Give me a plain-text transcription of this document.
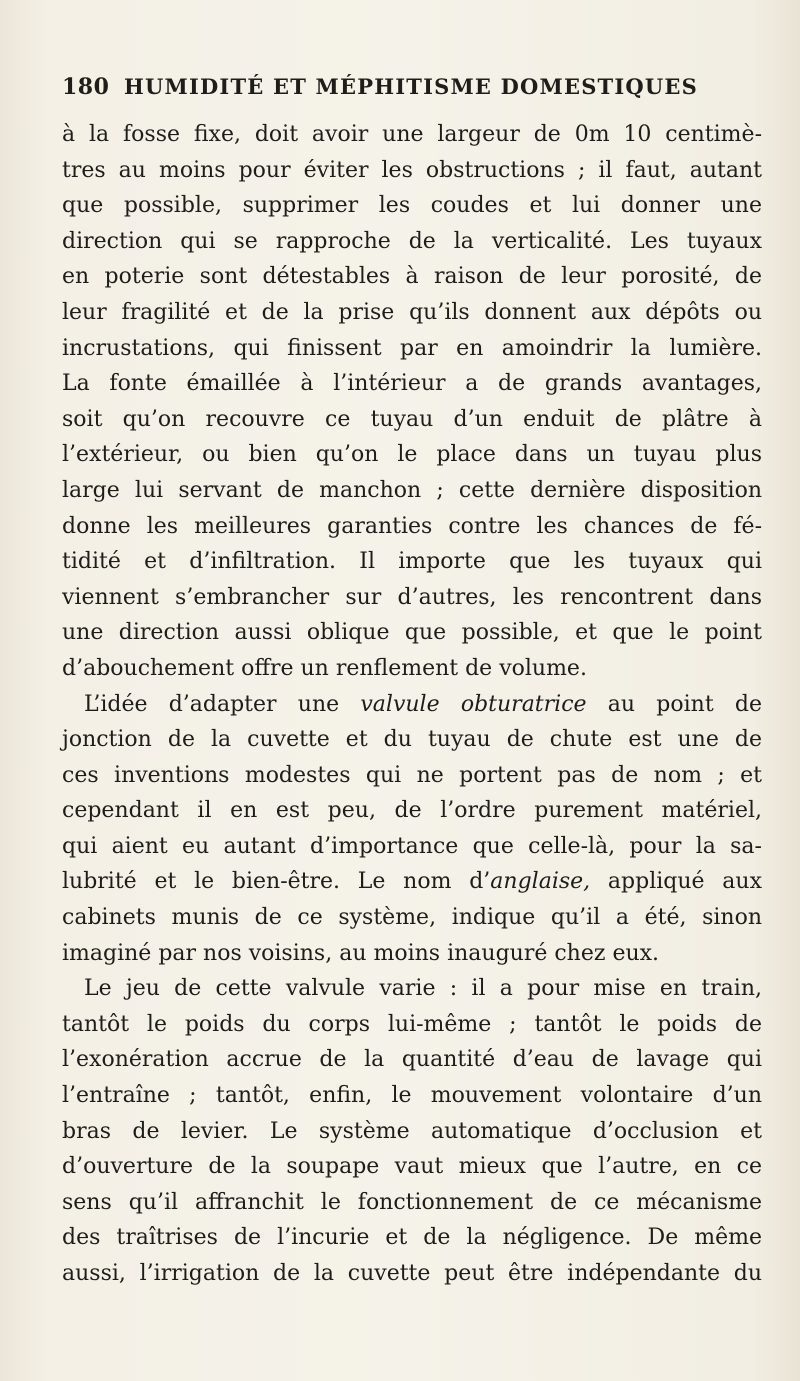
180 HUMIDITÉ ET MÉPHITISME DOMESTIQUES
à la fosse fixe, doit avoir une largeur de 0m 10 centimè-
tres au moins pour éviter les obstructions ; il faut, autant
que possible, supprimer les coudes et lui donner une
direction qui se rapproche de la verticalité. Les tuyaux
en poterie sont détestables à raison de leur porosité, de
leur fragilité et de la prise qu’ils donnent aux dépôts ou
incrustations, qui finissent par en amoindrir la lumière.
La fonte émaillée à l’intérieur a de grands avantages,
soit qu’on recouvre ce tuyau d’un enduit de plâtre à
l’extérieur, ou bien qu’on le place dans un tuyau plus
large lui servant de manchon ; cette dernière disposition
donne les meilleures garanties contre les chances de fé-
tidité et d’infiltration. Il importe que les tuyaux qui
viennent s’embrancher sur d’autres, les rencontrent dans
une direction aussi oblique que possible, et que le point
d’abouchement offre un renflement de volume.
L’idée d’adapter une valvule obturatrice au point de
jonction de la cuvette et du tuyau de chute est une de
ces inventions modestes qui ne portent pas de nom ; et
cependant il en est peu, de l’ordre purement matériel,
qui aient eu autant d’importance que celle-là, pour la sa-
lubrité et le bien-être. Le nom d’anglaise, appliqué aux
cabinets munis de ce système, indique qu’il a été, sinon
imaginé par nos voisins, au moins inauguré chez eux.
Le jeu de cette valvule varie : il a pour mise en train,
tantôt le poids du corps lui-même ; tantôt le poids de
l’exonération accrue de la quantité d’eau de lavage qui
l’entraîne ; tantôt, enfin, le mouvement volontaire d’un
bras de levier. Le système automatique d’occlusion et
d’ouverture de la soupape vaut mieux que l’autre, en ce
sens qu’il affranchit le fonctionnement de ce mécanisme
des traîtrises de l’incurie et de la négligence. De même
aussi, l’irrigation de la cuvette peut être indépendante du
